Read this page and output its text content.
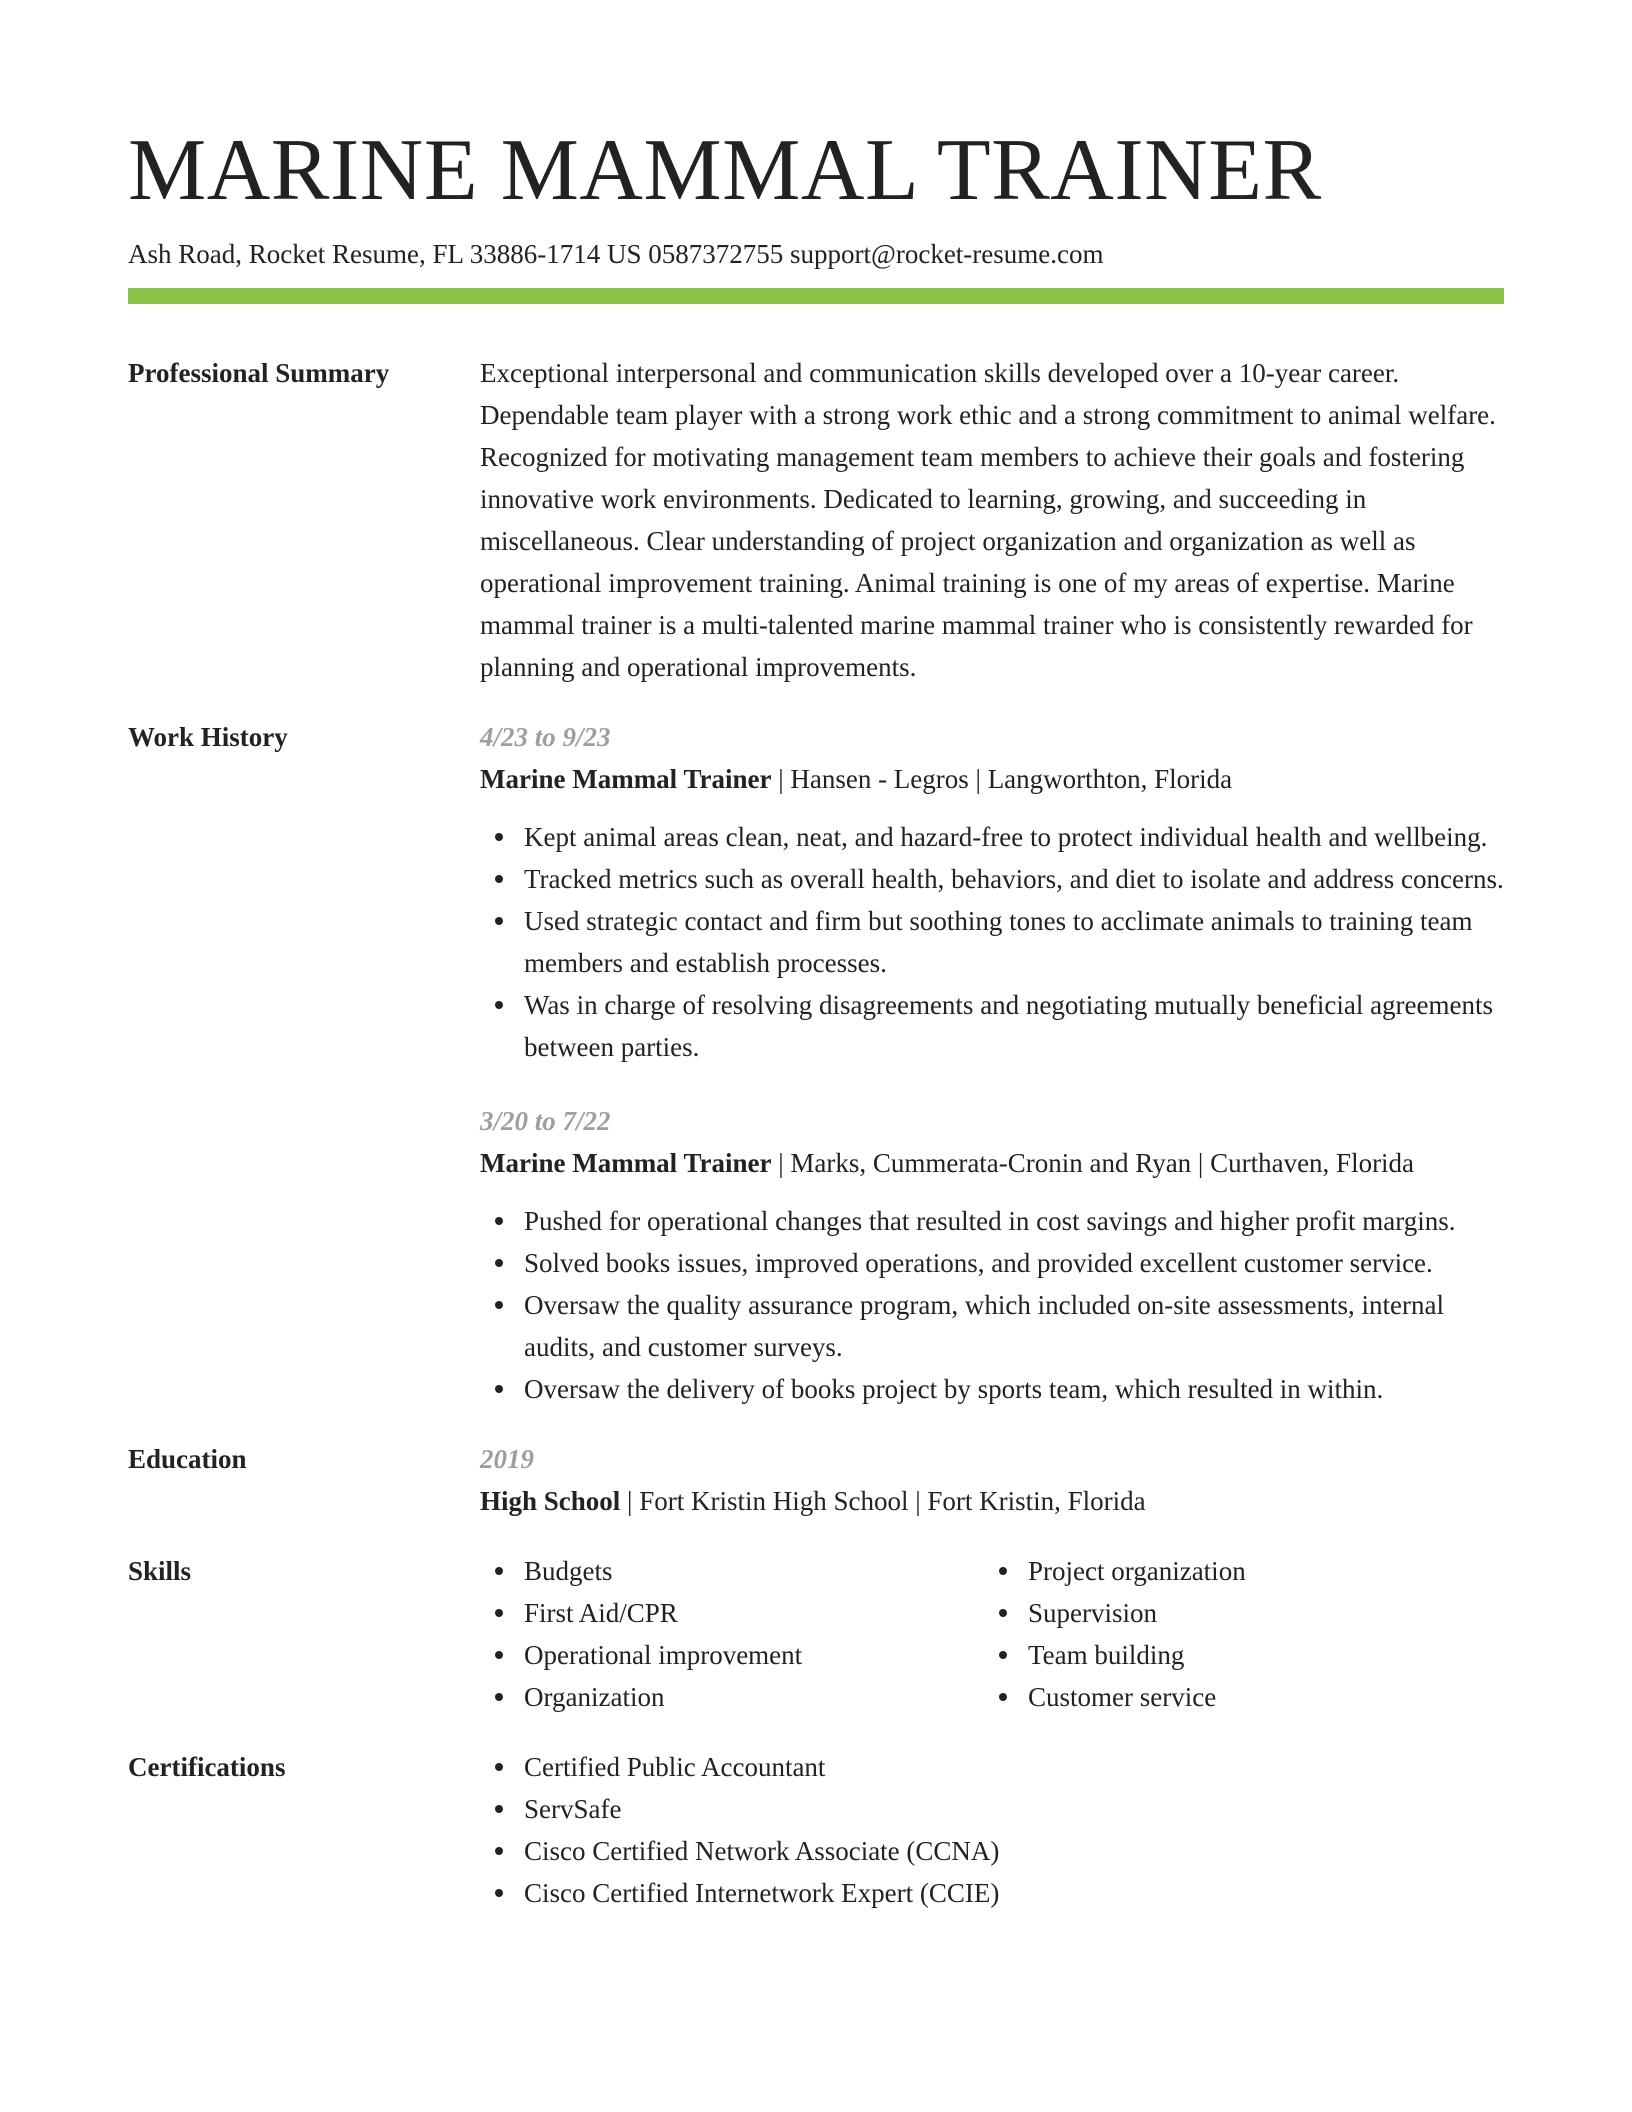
MARINE MAMMAL TRAINER
Ash Road, Rocket Resume, FL 33886-1714 US 0587372755 support@rocket-resume.com
Professional Summary	Exceptional interpersonal and communication skills developed over a 10-year career. Dependable team player with a strong work ethic and a strong commitment to animal welfare. Recognized for motivating management team members to achieve their goals and fostering innovative work environments. Dedicated to learning, growing, and succeeding in miscellaneous. Clear understanding of project organization and organization as well as operational improvement training. Animal training is one of my areas of expertise. Marine mammal trainer is a multi-talented marine mammal trainer who is consistently rewarded for planning and operational improvements.

Work History	4/23 to 9/23
Marine Mammal Trainer | Hansen - Legros | Langworthton, Florida
Kept animal areas clean, neat, and hazard-free to protect individual health and wellbeing.
Tracked metrics such as overall health, behaviors, and diet to isolate and address concerns.
Used strategic contact and firm but soothing tones to acclimate animals to training team members and establish processes.
Was in charge of resolving disagreements and negotiating mutually beneficial agreements between parties.
3/20 to 7/22
Marine Mammal Trainer | Marks, Cummerata-Cronin and Ryan | Curthaven, Florida
Pushed for operational changes that resulted in cost savings and higher profit margins.
Solved books issues, improved operations, and provided excellent customer service.
Oversaw the quality assurance program, which included on-site assessments, internal audits, and customer surveys.
Oversaw the delivery of books project by sports team, which resulted in within.
Education	2019
High School | Fort Kristin High School | Fort Kristin, Florida
Skills	Budgets
First Aid/CPR
Operational improvement
Organization
Project organization
Supervision
Team building
Customer service
Certifications	Certified Public Accountant
ServSafe
Cisco Certified Network Associate (CCNA)
Cisco Certified Internetwork Expert (CCIE)
